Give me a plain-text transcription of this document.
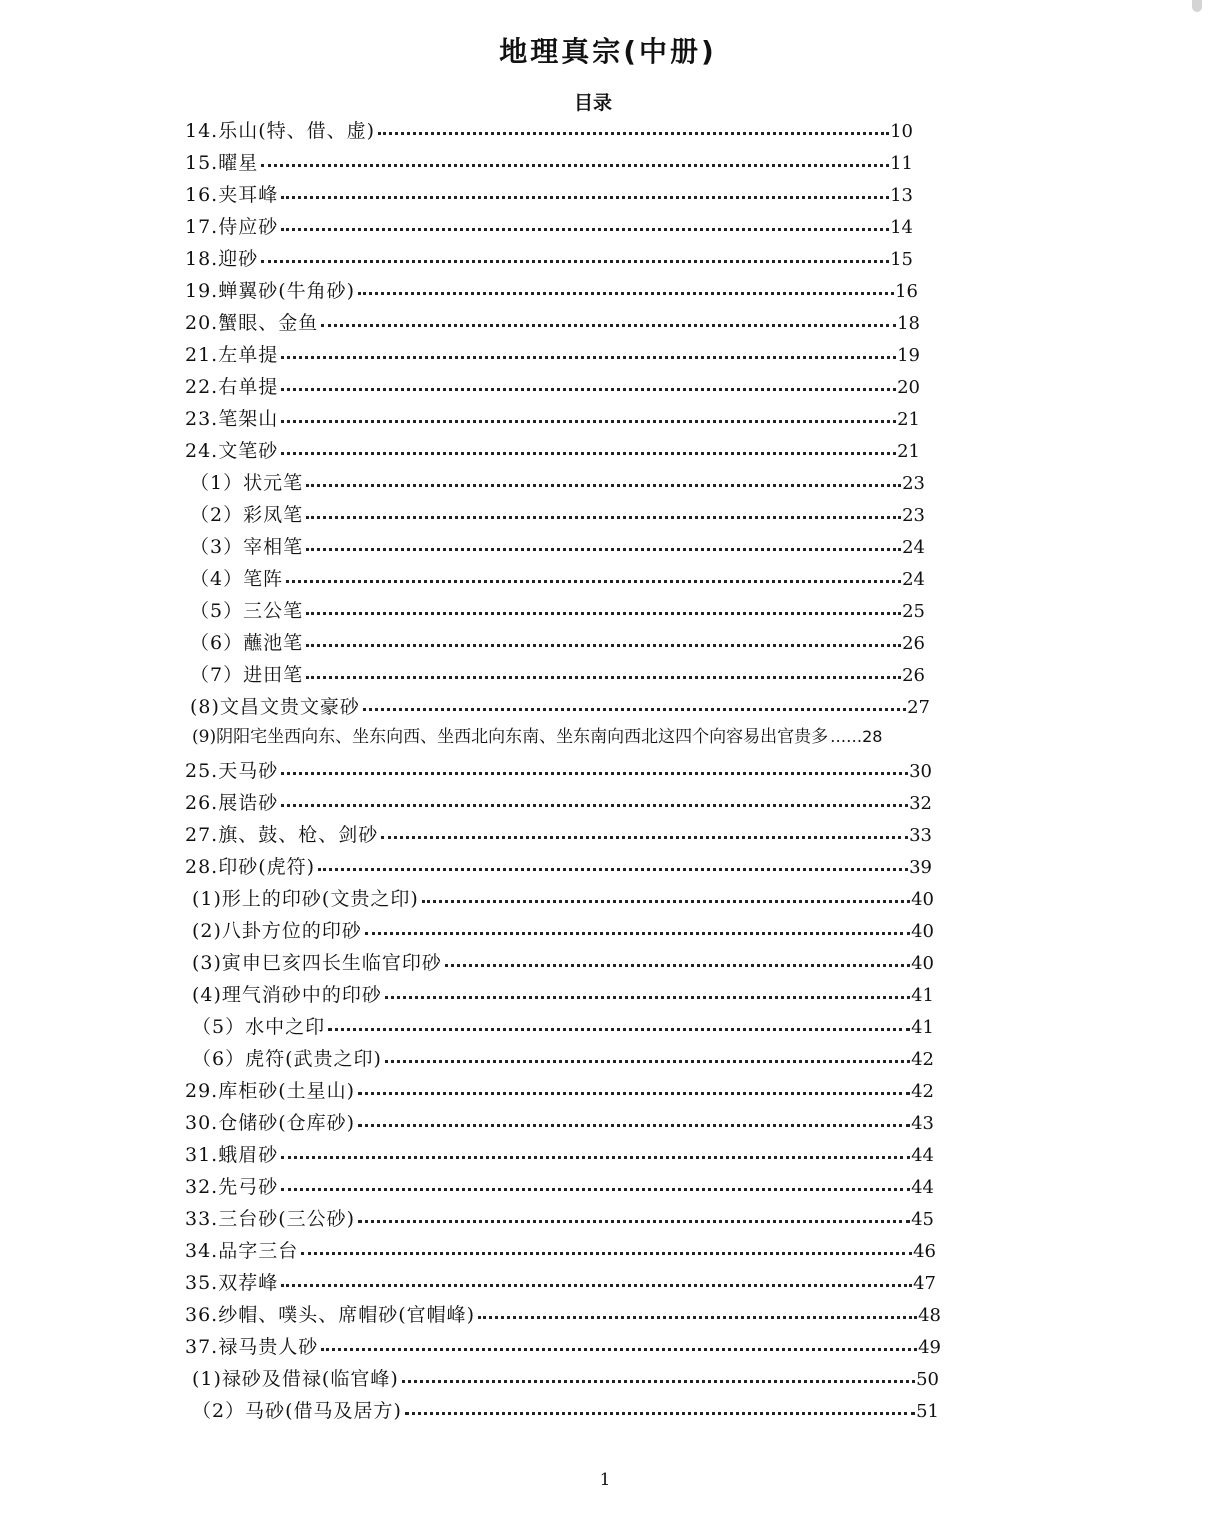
地理真宗(中册)
目录
14.乐山(特、借、虚)	10
15.曜星	11
16.夹耳峰	13
17.侍应砂	14
18.迎砂	15
19.蝉翼砂(牛角砂)	16
20.蟹眼、金鱼	18
21.左单提	19
22.右单提	20
23.笔架山	21
24.文笔砂	21
（1）状元笔	23
（2）彩凤笔	23
（3）宰相笔	24
（4）笔阵	24
（5）三公笔	25
（6）蘸池笔	26
（7）进田笔	26
(8)文昌文贵文豪砂	27
(9)阴阳宅坐西向东、坐东向西、坐西北向东南、坐东南向西北这四个向容易出官贵多 …… 28
25.天马砂	30
26.展诰砂	32
27.旗、鼓、枪、剑砂	33
28.印砂(虎符)	39
(1)形上的印砂(文贵之印)	40
(2)八卦方位的印砂	40
(3)寅申巳亥四长生临官印砂	40
(4)理气消砂中的印砂	41
（5）水中之印	41
（6）虎符(武贵之印)	42
29.库柜砂(土星山)	42
30.仓储砂(仓库砂)	43
31.蛾眉砂	44
32.先弓砂	44
33.三台砂(三公砂)	45
34.品字三台	46
35.双荐峰	47
36.纱帽、噗头、席帽砂(官帽峰)	48
37.禄马贵人砂	49
(1)禄砂及借禄(临官峰)	50
（2）马砂(借马及居方)	51
1
